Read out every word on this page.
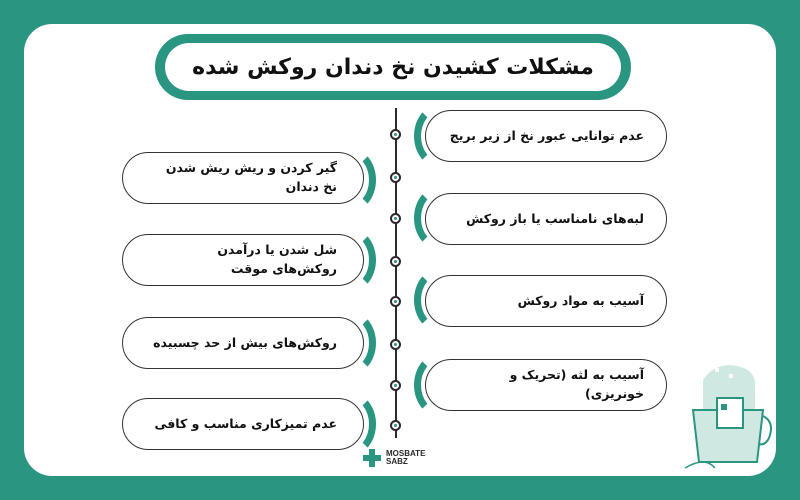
مشکلات کشیدن نخ دندان روکش شده
عدم توانایی عبور نخ از زیر بریج
لبه‌های نامناسب یا باز روکش
آسیب به مواد روکش
آسیب به لثه (تحریک و خونریزی)
گیر کردن و ریش ریش شدن نخ دندان
شل شدن یا درآمدن روکش‌های موقت
روکش‌های بیش از حد چسبیده
عدم تمیزکاری مناسب و کافی
MOSBATE
SABZ
